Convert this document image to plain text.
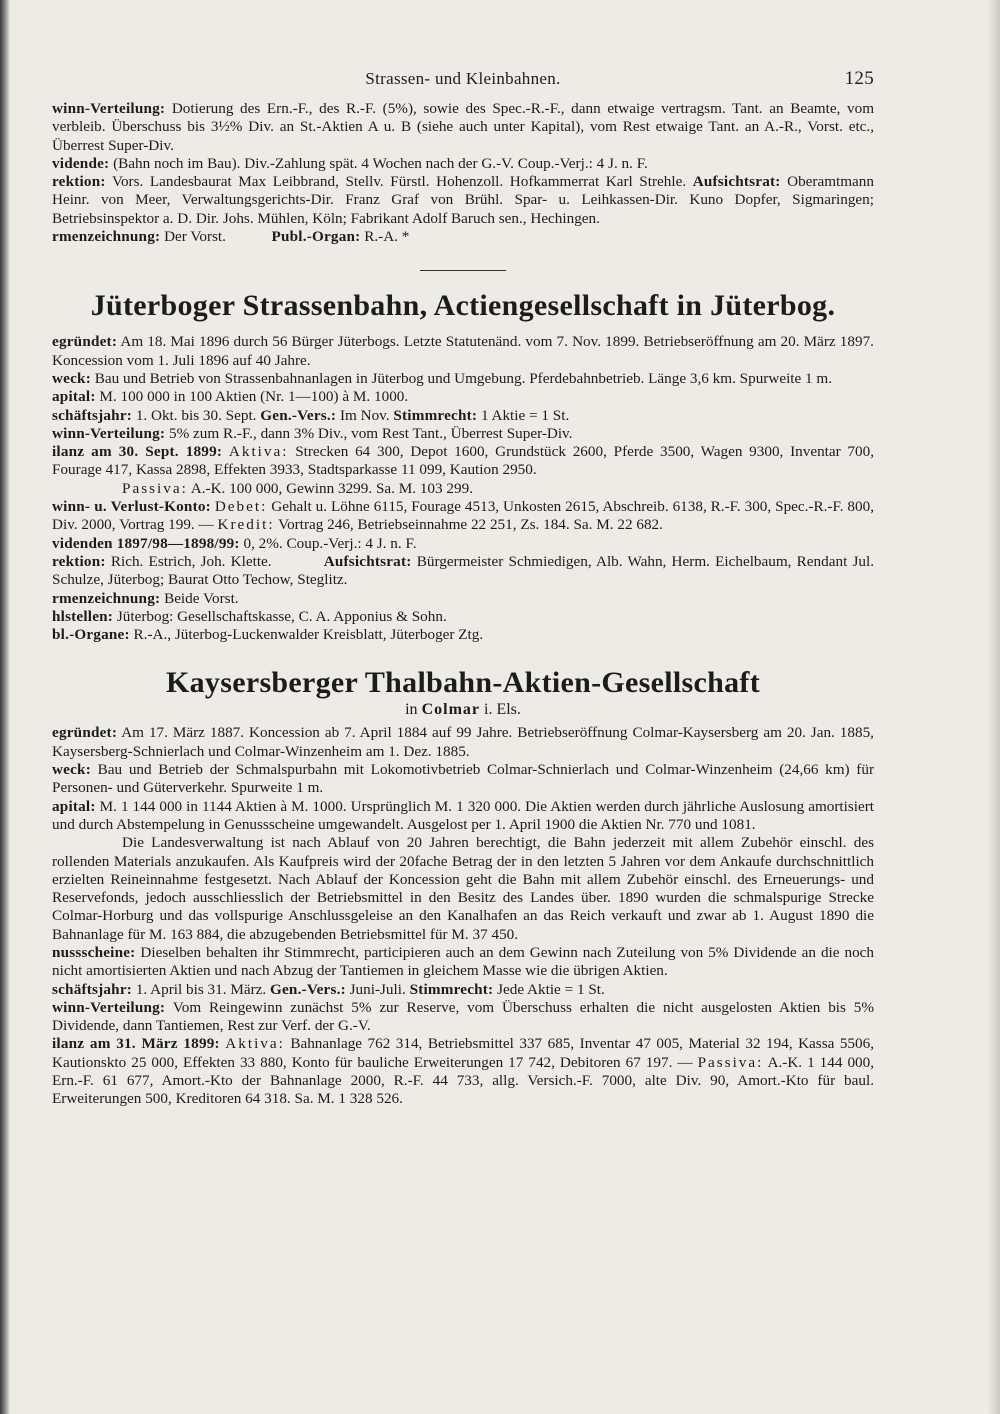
Strassen- und Kleinbahnen.	125

winn-Verteilung: Dotierung des Ern.-F., des R.-F. (5%), sowie des Spec.-R.-F., dann etwaige vertragsm. Tant. an Beamte, vom verbleib. Überschuss bis 3½% Div. an St.-Aktien A u. B (siehe auch unter Kapital), vom Rest etwaige Tant. an A.-R., Vorst. etc., Überrest Super-Div.

vidende: (Bahn noch im Bau). Div.-Zahlung spät. 4 Wochen nach der G.-V. Coup.-Verj.: 4 J. n. F.

rektion: Vors. Landesbaurat Max Leibbrand, Stellv. Fürstl. Hohenzoll. Hofkammerrat Karl Strehle. Aufsichtsrat: Oberamtmann Heinr. von Meer, Verwaltungsgerichts-Dir. Franz Graf von Brühl. Spar- u. Leihkassen-Dir. Kuno Dopfer, Sigmaringen; Betriebsinspektor a. D. Dir. Johs. Mühlen, Köln; Fabrikant Adolf Baruch sen., Hechingen.

rmenzeichnung: Der Vorst.	Publ.-Organ: R.-A. *

Jüterboger Strassenbahn, Actiengesellschaft in Jüterbog.

egründet: Am 18. Mai 1896 durch 56 Bürger Jüterbogs. Letzte Statutenänd. vom 7. Nov. 1899. Betriebseröffnung am 20. März 1897. Koncession vom 1. Juli 1896 auf 40 Jahre.

weck: Bau und Betrieb von Strassenbahnanlagen in Jüterbog und Umgebung. Pferdebahnbetrieb. Länge 3,6 km. Spurweite 1 m.

apital: M. 100 000 in 100 Aktien (Nr. 1—100) à M. 1000.

schäftsjahr: 1. Okt. bis 30. Sept. Gen.-Vers.: Im Nov. Stimmrecht: 1 Aktie = 1 St.

winn-Verteilung: 5% zum R.-F., dann 3% Div., vom Rest Tant., Überrest Super-Div.

ilanz am 30. Sept. 1899: Aktiva: Strecken 64 300, Depot 1600, Grundstück 2600, Pferde 3500, Wagen 9300, Inventar 700, Fourage 417, Kassa 2898, Effekten 3933, Stadtsparkasse 11 099, Kaution 2950.

Passiva: A.-K. 100 000, Gewinn 3299. Sa. M. 103 299.

winn- u. Verlust-Konto: Debet: Gehalt u. Löhne 6115, Fourage 4513, Unkosten 2615, Abschreib. 6138, R.-F. 300, Spec.-R.-F. 800, Div. 2000, Vortrag 199. — Kredit: Vortrag 246, Betriebseinnahme 22 251, Zs. 184. Sa. M. 22 682.

videnden 1897/98—1898/99: 0, 2%. Coup.-Verj.: 4 J. n. F.

rektion: Rich. Estrich, Joh. Klette.	Aufsichtsrat: Bürgermeister Schmiedigen, Alb. Wahn, Herm. Eichelbaum, Rendant Jul. Schulze, Jüterbog; Baurat Otto Techow, Steglitz.

rmenzeichnung: Beide Vorst.

hlstellen: Jüterbog: Gesellschaftskasse, C. A. Apponius & Sohn.

bl.-Organe: R.-A., Jüterbog-Luckenwalder Kreisblatt, Jüterboger Ztg.

Kaysersberger Thalbahn-Aktien-Gesellschaft
in Colmar i. Els.

egründet: Am 17. März 1887. Koncession ab 7. April 1884 auf 99 Jahre. Betriebseröffnung Colmar-Kaysersberg am 20. Jan. 1885, Kaysersberg-Schnierlach und Colmar-Winzenheim am 1. Dez. 1885.

weck: Bau und Betrieb der Schmalspurbahn mit Lokomotivbetrieb Colmar-Schnierlach und Colmar-Winzenheim (24,66 km) für Personen- und Güterverkehr. Spurweite 1 m.

apital: M. 1 144 000 in 1144 Aktien à M. 1000. Ursprünglich M. 1 320 000. Die Aktien werden durch jährliche Auslosung amortisiert und durch Abstempelung in Genussscheine umgewandelt. Ausgelost per 1. April 1900 die Aktien Nr. 770 und 1081.

Die Landesverwaltung ist nach Ablauf von 20 Jahren berechtigt, die Bahn jederzeit mit allem Zubehör einschl. des rollenden Materials anzukaufen. Als Kaufpreis wird der 20fache Betrag der in den letzten 5 Jahren vor dem Ankaufe durchschnittlich erzielten Reineinnahme festgesetzt. Nach Ablauf der Koncession geht die Bahn mit allem Zubehör einschl. des Erneuerungs- und Reservefonds, jedoch ausschliesslich der Betriebsmittel in den Besitz des Landes über. 1890 wurden die schmalspurige Strecke Colmar-Horburg und das vollspurige Anschlussgeleise an den Kanalhafen an das Reich verkauft und zwar ab 1. August 1890 die Bahnanlage für M. 163 884, die abzugebenden Betriebsmittel für M. 37 450.

nussscheine: Dieselben behalten ihr Stimmrecht, participieren auch an dem Gewinn nach Zuteilung von 5% Dividende an die noch nicht amortisierten Aktien und nach Abzug der Tantiemen in gleichem Masse wie die übrigen Aktien.

schäftsjahr: 1. April bis 31. März. Gen.-Vers.: Juni-Juli. Stimmrecht: Jede Aktie = 1 St.

winn-Verteilung: Vom Reingewinn zunächst 5% zur Reserve, vom Überschuss erhalten die nicht ausgelosten Aktien bis 5% Dividende, dann Tantiemen, Rest zur Verf. der G.-V.

ilanz am 31. März 1899: Aktiva: Bahnanlage 762 314, Betriebsmittel 337 685, Inventar 47 005, Material 32 194, Kassa 5506, Kautionskto 25 000, Effekten 33 880, Konto für bauliche Erweiterungen 17 742, Debitoren 67 197. — Passiva: A.-K. 1 144 000, Ern.-F. 61 677, Amort.-Kto der Bahnanlage 2000, R.-F. 44 733, allg. Versich.-F. 7000, alte Div. 90, Amort.-Kto für baul. Erweiterungen 500, Kreditoren 64 318. Sa. M. 1 328 526.
